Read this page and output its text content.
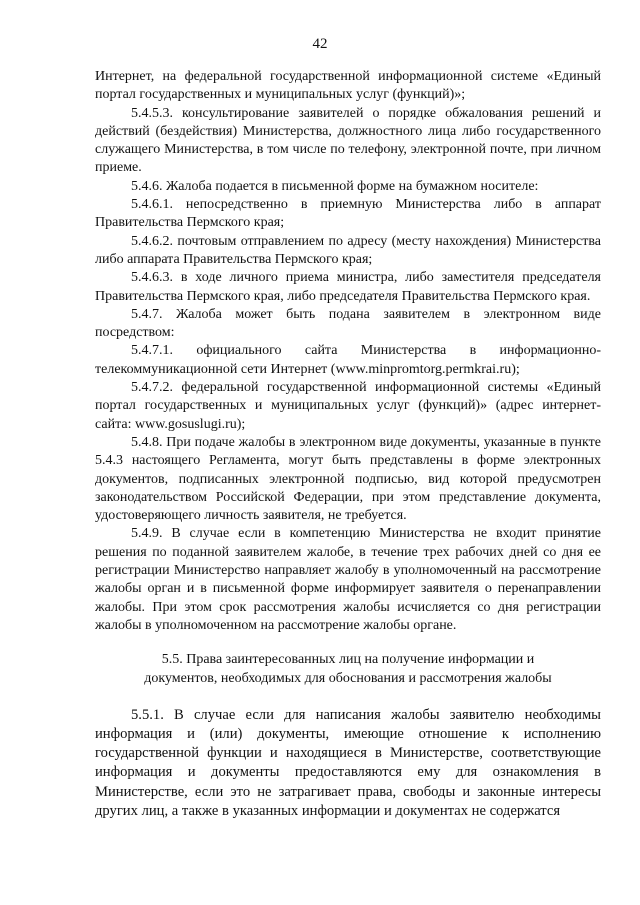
42

Интернет, на федеральной государственной информационной системе «Единый портал государственных и муниципальных услуг (функций)»;

5.4.5.3. консультирование заявителей о порядке обжалования решений и действий (бездействия) Министерства, должностного лица либо государственного служащего Министерства, в том числе по телефону, электронной почте, при личном приеме.

5.4.6. Жалоба подается в письменной форме на бумажном носителе:

5.4.6.1. непосредственно в приемную Министерства либо в аппарат Правительства Пермского края;

5.4.6.2. почтовым отправлением по адресу (месту нахождения) Министерства либо аппарата Правительства Пермского края;

5.4.6.3. в ходе личного приема министра, либо заместителя председателя Правительства Пермского края, либо председателя Правительства Пермского края.

5.4.7. Жалоба может быть подана заявителем в электронном виде посредством:

5.4.7.1. официального сайта Министерства в информационно-телекоммуникационной сети Интернет (www.minpromtorg.permkrai.ru);

5.4.7.2. федеральной государственной информационной системы «Единый портал государственных и муниципальных услуг (функций)» (адрес интернет-сайта: www.gosuslugi.ru);

5.4.8. При подаче жалобы в электронном виде документы, указанные в пункте 5.4.3 настоящего Регламента, могут быть представлены в форме электронных документов, подписанных электронной подписью, вид которой предусмотрен законодательством Российской Федерации, при этом представление документа, удостоверяющего личность заявителя, не требуется.

5.4.9. В случае если в компетенцию Министерства не входит принятие решения по поданной заявителем жалобе, в течение трех рабочих дней со дня ее регистрации Министерство направляет жалобу в уполномоченный на рассмотрение жалобы орган и в письменной форме информирует заявителя о перенаправлении жалобы. При этом срок рассмотрения жалобы исчисляется со дня регистрации жалобы в уполномоченном на рассмотрение жалобы органе.

5.5. Права заинтересованных лиц на получение информации и
документов, необходимых для обоснования и рассмотрения жалобы

5.5.1. В случае если для написания жалобы заявителю необходимы информация и (или) документы, имеющие отношение к исполнению государственной функции и находящиеся в Министерстве, соответствующие информация и документы предоставляются ему для ознакомления в Министерстве, если это не затрагивает права, свободы и законные интересы других лиц, а также в указанных информации и документах не содержатся
